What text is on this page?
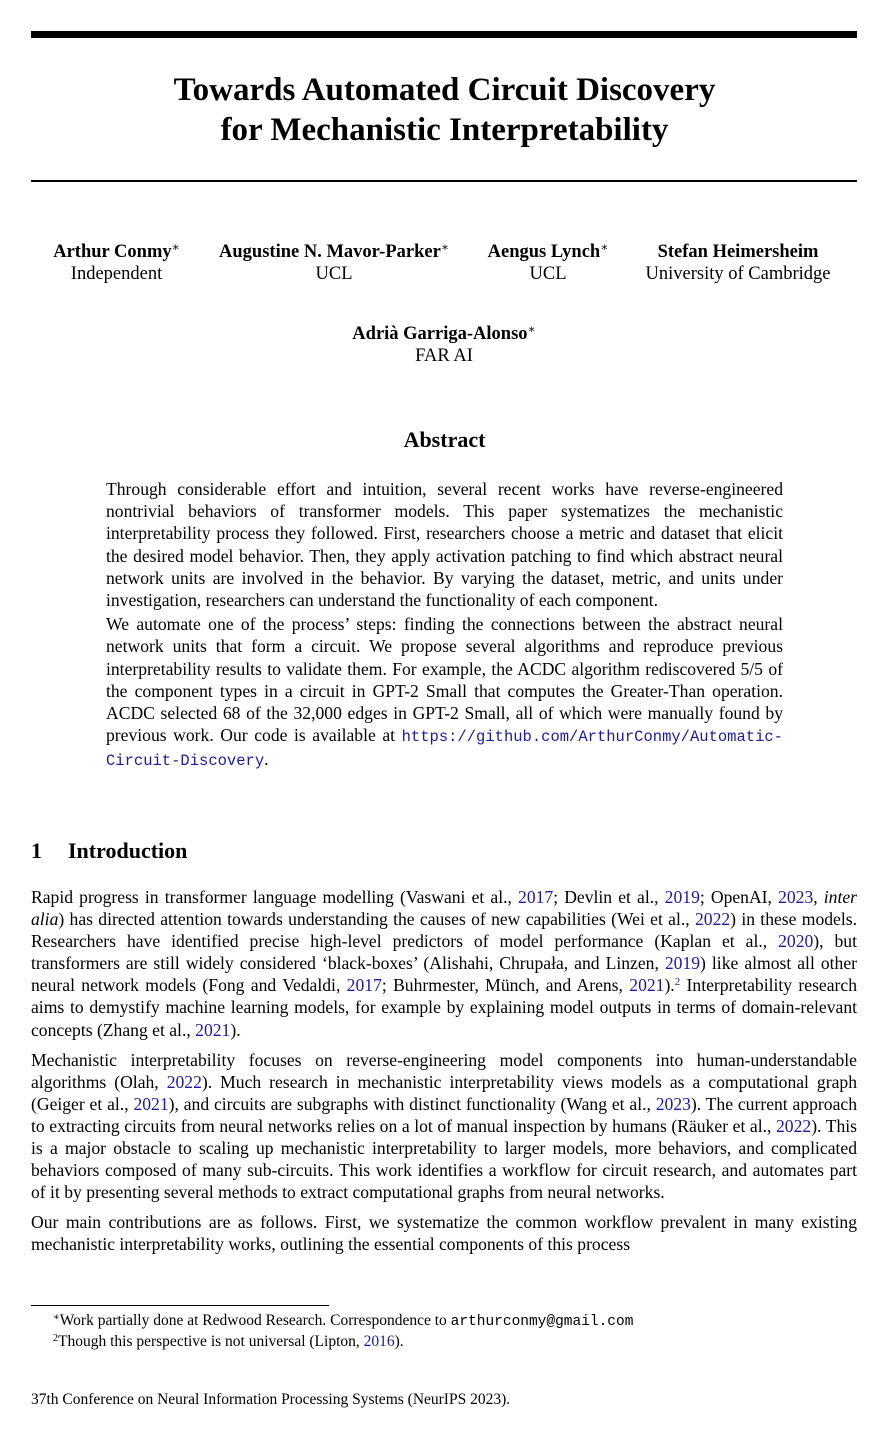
Towards Automated Circuit Discovery
for Mechanistic Interpretability
Arthur Conmy∗
Independent
Augustine N. Mavor-Parker∗
UCL
Aengus Lynch∗
UCL
Stefan Heimersheim
University of Cambridge
Adrià Garriga-Alonso∗
FAR AI
Abstract

Through considerable effort and intuition, several recent works have reverse-engineered nontrivial behaviors of transformer models. This paper systematizes the mechanistic interpretability process they followed. First, researchers choose a metric and dataset that elicit the desired model behavior. Then, they apply activation patching to find which abstract neural network units are involved in the behavior. By varying the dataset, metric, and units under investigation, researchers can understand the functionality of each component.

We automate one of the process’ steps: finding the connections between the abstract neural network units that form a circuit. We propose several algorithms and reproduce previous interpretability results to validate them. For example, the ACDC algorithm rediscovered 5/5 of the component types in a circuit in GPT-2 Small that computes the Greater-Than operation. ACDC selected 68 of the 32,000 edges in GPT-2 Small, all of which were manually found by previous work. Our code is available at https://github.com/ArthurConmy/Automatic-Circuit-Discovery.

1 Introduction

Rapid progress in transformer language modelling (Vaswani et al., 2017; Devlin et al., 2019; OpenAI, 2023, inter alia) has directed attention towards understanding the causes of new capabilities (Wei et al., 2022) in these models. Researchers have identified precise high-level predictors of model performance (Kaplan et al., 2020), but transformers are still widely considered ‘black-boxes’ (Alishahi, Chrupała, and Linzen, 2019) like almost all other neural network models (Fong and Vedaldi, 2017; Buhrmester, Münch, and Arens, 2021).$^2$ Interpretability research aims to demystify machine learning models, for example by explaining model outputs in terms of domain-relevant concepts (Zhang et al., 2021).

Mechanistic interpretability focuses on reverse-engineering model components into human-understandable algorithms (Olah, 2022). Much research in mechanistic interpretability views models as a computational graph (Geiger et al., 2021), and circuits are subgraphs with distinct functionality (Wang et al., 2023). The current approach to extracting circuits from neural networks relies on a lot of manual inspection by humans (Räuker et al., 2022). This is a major obstacle to scaling up mechanistic interpretability to larger models, more behaviors, and complicated behaviors composed of many sub-circuits. This work identifies a workflow for circuit research, and automates part of it by presenting several methods to extract computational graphs from neural networks.

Our main contributions are as follows. First, we systematize the common workflow prevalent in many existing mechanistic interpretability works, outlining the essential components of this process

∗Work partially done at Redwood Research. Correspondence to arthurconmy@gmail.com
$^2$Though this perspective is not universal (Lipton, 2016).
37th Conference on Neural Information Processing Systems (NeurIPS 2023).
